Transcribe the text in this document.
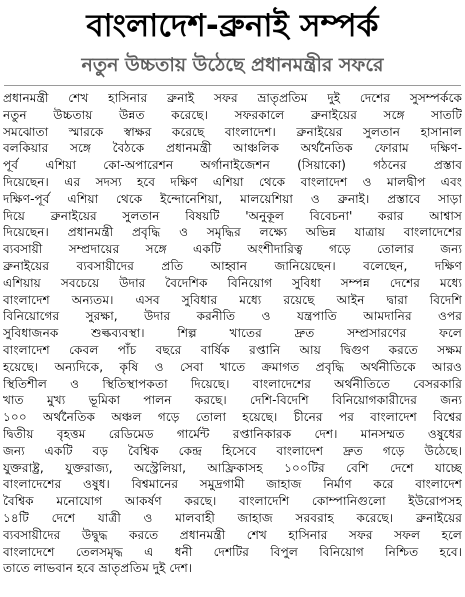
বাংলাদেশ-ব্রুনাই সম্পর্ক
নতুন উচ্চতায় উঠেছে প্রধানমন্ত্রীর সফরে
প্রধানমন্ত্রী শেখ হাসিনার ব্রুনাই সফর ভ্রাতৃপ্রতিম দুই দেশের সুসম্পর্ককে
নতুন উচ্চতায় উন্নত করেছে। সফরকালে ব্রুনাইয়ের সঙ্গে সাতটি
সমঝোতা স্মারকে স্বাক্ষর করেছে বাংলাদেশ। ব্রুনাইয়ের সুলতান হাসানাল
বলকিয়ার সঙ্গে বৈঠকে প্রধানমন্ত্রী আঞ্চলিক অর্থনৈতিক ফোরাম দক্ষিণ-
পূর্ব এশিয়া কো-অপারেশন অর্গানাইজেশন (সিয়াকো) গঠনের প্রস্তাব
দিয়েছেন। এর সদস্য হবে দক্ষিণ এশিয়া থেকে বাংলাদেশ ও মালদ্বীপ এবং
দক্ষিণ-পূর্ব এশিয়া থেকে ইন্দোনেশিয়া, মালয়েশিয়া ও ব্রুনাই। প্রস্তাবে সাড়া
দিয়ে ব্রুনাইয়ের সুলতান বিষয়টি 'অনুকূল বিবেচনা' করার আশ্বাস
দিয়েছেন। প্রধানমন্ত্রী প্রবৃদ্ধি ও সমৃদ্ধির লক্ষ্যে অভিন্ন যাত্রায় বাংলাদেশের
ব্যবসায়ী সম্প্রদায়ের সঙ্গে একটি অংশীদারিত্ব গড়ে তোলার জন্য
ব্রুনাইয়ের ব্যবসায়ীদের প্রতি আহ্বান জানিয়েছেন। বলেছেন, দক্ষিণ
এশিয়ায় সবচেয়ে উদার বৈদেশিক বিনিয়োগ সুবিধা সম্পন্ন দেশের মধ্যে
বাংলাদেশ অন্যতম। এসব সুবিধার মধ্যে রয়েছে আইন দ্বারা বিদেশি
বিনিয়োগের সুরক্ষা, উদার করনীতি ও যন্ত্রপাতি আমদানির ওপর
সুবিধাজনক শুল্কব্যবস্থা। শিল্প খাতের দ্রুত সম্প্রসারণের ফলে
বাংলাদেশ কেবল পাঁচ বছরে বার্ষিক রপ্তানি আয় দ্বিগুণ করতে সক্ষম
হয়েছে। অন্যদিকে, কৃষি ও সেবা খাতে ক্রমাগত প্রবৃদ্ধি অর্থনীতিকে আরও
স্থিতিশীল ও স্থিতিস্থাপকতা দিয়েছে। বাংলাদেশের অর্থনীতিতে বেসরকারি
খাত মুখ্য ভূমিকা পালন করছে। দেশি-বিদেশি বিনিয়োগকারীদের জন্য
১০০ অর্থনৈতিক অঞ্চল গড়ে তোলা হয়েছে। চীনের পর বাংলাদেশ বিশ্বের
দ্বিতীয় বৃহত্তম রেডিমেড গার্মেন্ট রপ্তানিকারক দেশ। মানসম্মত ওষুধের
জন্য একটি বড় বৈশ্বিক কেন্দ্র হিসেবে বাংলাদেশ দ্রুত গড়ে উঠেছে।
যুক্তরাষ্ট্র, যুক্তরাজ্য, অস্ট্রেলিয়া, আফ্রিকাসহ ১০০টির বেশি দেশে যাচ্ছে
বাংলাদেশের ওষুধ। বিশ্বমানের সমুদ্রগামী জাহাজ নির্মাণ করে বাংলাদেশ
বৈশ্বিক মনোযোগ আকর্ষণ করছে। বাংলাদেশি কোম্পানিগুলো ইউরোপসহ
১৪টি দেশে যাত্রী ও মালবাহী জাহাজ সরবরাহ করেছে। ব্রুনাইয়ের
ব্যবসায়ীদের উদ্বুদ্ধ করতে প্রধানমন্ত্রী শেখ হাসিনার সফর সফল হলে
বাংলাদেশে তেলসমৃদ্ধ এ ধনী দেশটির বিপুল বিনিয়োগ নিশ্চিত হবে।
তাতে লাভবান হবে ভ্রাতৃপ্রতিম দুই দেশ।
